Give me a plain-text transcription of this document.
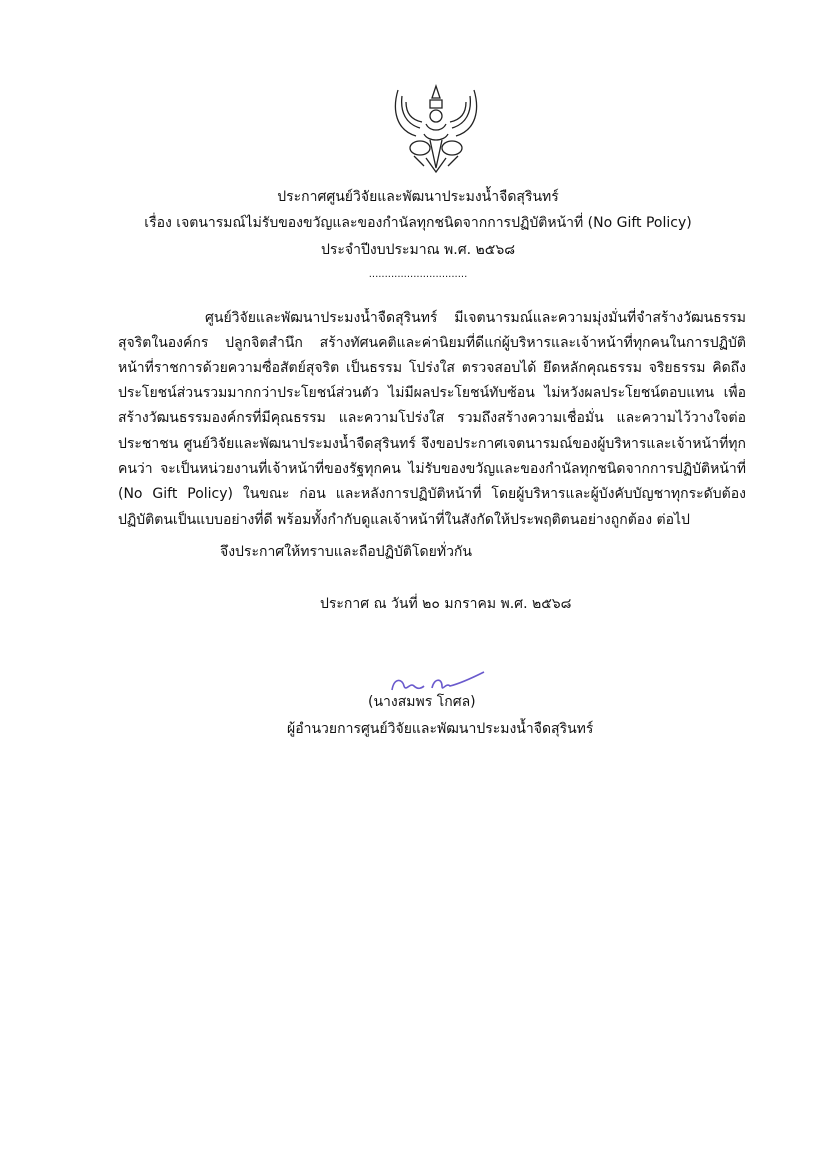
ประกาศศูนย์วิจัยและพัฒนาประมงน้ำจืดสุรินทร์
เรื่อง เจตนารมณ์ไม่รับของขวัญและของกำนัลทุกชนิดจากการปฏิบัติหน้าที่ (No Gift Policy)
ประจำปีงบประมาณ พ.ศ. ๒๕๖๘
...............................
ศูนย์วิจัยและพัฒนาประมงน้ำจืดสุรินทร์ มีเจตนารมณ์และความมุ่งมั่นที่จำสร้างวัฒนธรรม
สุจริตในองค์กร ปลูกจิตสำนึก สร้างทัศนคติและค่านิยมที่ดีแก่ผู้บริหารและเจ้าหน้าที่ทุกคนในการปฏิบัติ
หน้าที่ราชการด้วยความซื่อสัตย์สุจริต เป็นธรรม โปร่งใส ตรวจสอบได้ ยึดหลักคุณธรรม จริยธรรม คิดถึง
ประโยชน์ส่วนรวมมากกว่าประโยชน์ส่วนตัว ไม่มีผลประโยชน์ทับซ้อน ไม่หวังผลประโยชน์ตอบแทน เพื่อ
สร้างวัฒนธรรมองค์กรที่มีคุณธรรม และความโปร่งใส รวมถึงสร้างความเชื่อมั่น และความไว้วางใจต่อ
ประชาชน ศูนย์วิจัยและพัฒนาประมงน้ำจืดสุรินทร์ จึงขอประกาศเจตนารมณ์ของผู้บริหารและเจ้าหน้าที่ทุก
คนว่า จะเป็นหน่วยงานที่เจ้าหน้าที่ของรัฐทุกคน ไม่รับของขวัญและของกำนัลทุกชนิดจากการปฏิบัติหน้าที่
(No Gift Policy) ในขณะ ก่อน และหลังการปฏิบัติหน้าที่ โดยผู้บริหารและผู้บังคับบัญชาทุกระดับต้อง
ปฏิบัติตนเป็นแบบอย่างที่ดี พร้อมทั้งกำกับดูแลเจ้าหน้าที่ในสังกัดให้ประพฤติตนอย่างถูกต้อง ต่อไป
จึงประกาศให้ทราบและถือปฏิบัติโดยทั่วกัน
ประกาศ ณ วันที่ ๒๐ มกราคม พ.ศ. ๒๕๖๘
(นางสมพร โกศล)
ผู้อำนวยการศูนย์วิจัยและพัฒนาประมงน้ำจืดสุรินทร์
